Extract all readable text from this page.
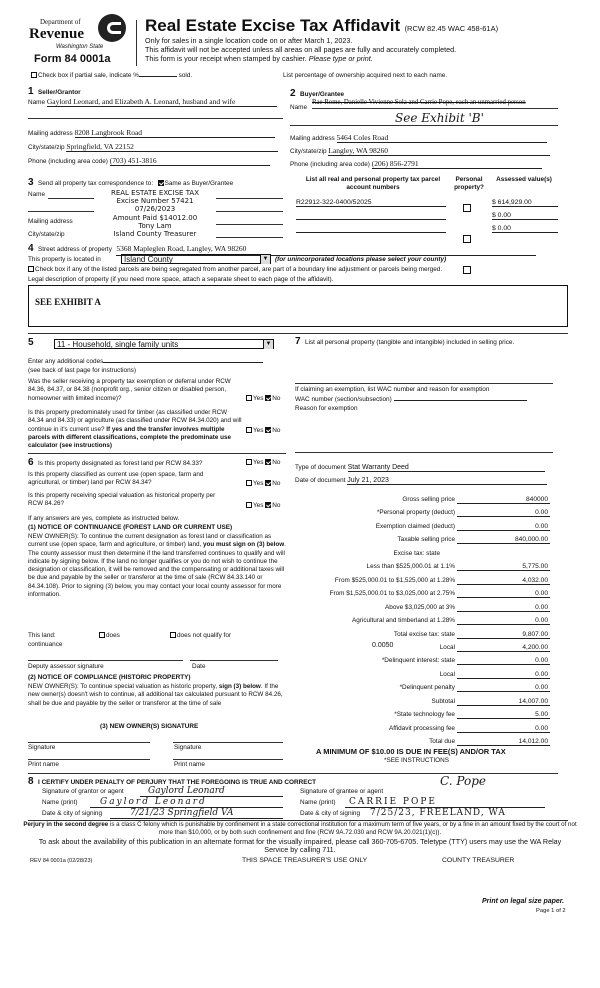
Department of
Revenue
Washington State
Form 84 0001a
Real Estate Excise Tax Affidavit (RCW 82.45 WAC 458-61A)
Only for sales in a single location code on or after March 1, 2023.
This affidavit will not be accepted unless all areas on all pages are fully and accurately completed.
This form is your receipt when stamped by cashier. Please type or print.
Check box if partial sale, indicate %	sold.	List percentage of ownership acquired next to each name.
1 Seller/Grantor
Name Gaylord Leonard, and Elizabeth A. Leonard, husband and wife
Mailing address 8208 Langbrook Road
City/state/zip Springfield, VA 22152
Phone (including area code) (703) 451-3816
2 Buyer/Grantee
Name
Rae Rome, Danielle Vivienne Sola and Carrie Pope, each an unmarried person
See Exhibit 'B'
Mailing address 5464 Coles Road
City/state/zip Langley, WA 98260
Phone (including area code) (206) 856-2791
3 Send all property tax correspondence to: Same as Buyer/Grantee
Name
Mailing address
City/state/zip
REAL ESTATE EXCISE TAX
Excise Number 57421
07/26/2023
Amount Paid $14012.00
Tony Lam
Island County Treasurer
List all real and personal property tax parcel account numbers
Personal property?
Assessed value(s)
R22912-322-0400/52025	$ 614,929.00
$ 0.00
$ 0.00
4 Street address of property 5368 Mapleglen Road, Langley, WA 98260
This property is located in	Island County	▼ (for unincorporated locations please select your county)
Check box if any of the listed parcels are being segregated from another parcel, are part of a boundary line adjustment or parcels being merged.
Legal description of property (if you need more space, attach a separate sheet to each page of the affidavit).
SEE EXHIBIT A
5	11 - Household, single family units	▼
Enter any additional codes
(see back of last page for instructions)
Was the seller receiving a property tax exemption or deferral under RCW 84.36, 84.37, or 84.38 (nonprofit org., senior citizen or disabled person, homeowner with limited income)?	Yes No
Is this property predominately used for timber (as classified under RCW 84.34 and 84.33) or agriculture (as classified under RCW 84.34.020) and will continue in it's current use? If yes and the transfer involves multiple parcels with different classifications, complete the predominate use calculator (see instructions)
Yes No
6 Is this property designated as forest land per RCW 84.33?	Yes No
Is this property classified as current use (open space, farm and agricultural, or timber) land per RCW 84.34?	Yes No
Is this property receiving special valuation as historical property per RCW 84.26?	Yes No
If any answers are yes, complete as instructed below.
(1) NOTICE OF CONTINUANCE (FOREST LAND OR CURRENT USE)
NEW OWNER(S): To continue the current designation as forest land or classification as current use (open space, farm and agriculture, or timber) land, you must sign on (3) below. The county assessor must then determine if the land transferred continues to qualify and will indicate by signing below. If the land no longer qualifies or you do not wish to continue the designation or classification, it will be removed and the compensating or additional taxes will be due and payable by the seller or transferor at the time of sale (RCW 84.33.140 or 84.34.108). Prior to signing (3) below, you may contact your local county assessor for more information.
This land:
continuance
does	does not qualify for
Deputy assessor signature	Date
(2) NOTICE OF COMPLIANCE (HISTORIC PROPERTY)
NEW OWNER(S): To continue special valuation as historic property, sign (3) below. If the new owner(s) doesn't wish to continue, all additional tax calculated pursuant to RCW 84.26, shall be due and payable by the seller or transferor at the time of sale
(3) NEW OWNER(S) SIGNATURE
Signature	Signature
Print name	Print name
7 List all personal property (tangible and intangible) included in selling price.
If claiming an exemption, list WAC number and reason for exemption
WAC number (section/subsection)
Reason for exemption
Type of document Stat Warranty Deed
Date of document July 21, 2023
Gross selling price	840000
*Personal property (deduct)	0.00
Exemption claimed (deduct)	0.00
Taxable selling price	840,000.00
Excise tax: state
Less than $525,000.01 at 1.1%	5,775.00
From $525,000.01 to $1,525,000 at 1.28%	4,032.00
From $1,525,000.01 to $3,025,000 at 2.75%	0.00
Above $3,025,000 at 3%	0.00
Agricultural and timberland at 1.28%	0.00
Total excise tax: state	9,807.00
Local	4,200.00
*Delinquent interest: state	0.00
Local	0.00
*Delinquent penalty	0.00
Subtotal	14,007.00
*State technology fee	5.00
Affidavit processing fee	0.00
Total due	14,012.00
0.0050
A MINIMUM OF $10.00 IS DUE IN FEE(S) AND/OR TAX
*SEE INSTRUCTIONS
8 I CERTIFY UNDER PENALTY OF PERJURY THAT THE FOREGOING IS TRUE AND CORRECT
Signature of grantor or agent	Gaylord Leonard
Name (print)	Gaylord Leonard
Date & city of signing	7/21/23 Springfield VA
Signature of grantee or agent
C. Pope
Name (print)	CARRIE POPE
Date & city of signing 7/25/23, FREELAND, WA
Perjury in the second degree is a class C felony which is punishable by confinement in a state correctional institution for a maximum term of five years, or by a fine in an amount fixed by the court of not more than $10,000, or by both such confinement and fine (RCW 9A.72.030 and RCW 9A.20.021(1)(c)).
To ask about the availability of this publication in an alternate format for the visually impaired, please call 360-705-6705. Teletype (TTY) users may use the WA Relay Service by calling 711.
REV 84 0001a (02/28/23)	THIS SPACE TREASURER'S USE ONLY	COUNTY TREASURER
Print on legal size paper.
Page 1 of 2
